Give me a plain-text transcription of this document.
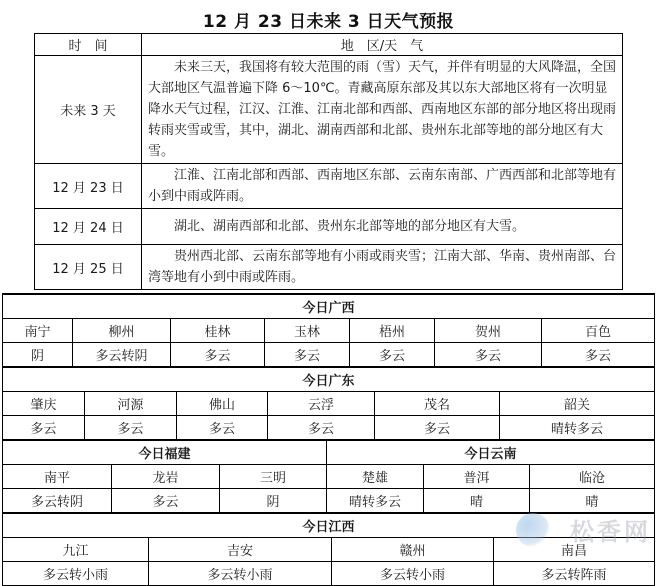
12 月 23 日未来 3 日天气预报
时　间	地　区/天　气
未来 3 天	未来三天，我国将有较大范围的雨（雪）天气，并伴有明显的大风降温，全国大部地区气温普遍下降 6～10℃。青藏高原东部及其以东大部地区将有一次明显降水天气过程，江汉、江淮、江南北部和西部、西南地区东部的部分地区将出现雨转雨夹雪或雪，其中，湖北、湖南西部和北部、贵州东北部等地的部分地区有大雪。
12 月 23 日	江淮、江南北部和西部、西南地区东部、云南东南部、广西西部和北部等地有小到中雨或阵雨。
12 月 24 日	湖北、湖南西部和北部、贵州东北部等地的部分地区有大雪。
12 月 25 日	贵州西北部、云南东部等地有小雨或雨夹雪；江南大部、华南、贵州南部、台湾等地有小到中雨或阵雨。
今日广西						
南宁	柳州	桂林	玉林	梧州	贺州	百色
阴	多云转阴	多云	多云	多云	多云	多云
今日广东					
肇庆	河源	佛山	云浮	茂名	韶关
多云	多云	多云	多云	多云	晴转多云
今日福建			今日云南		
南平	龙岩	三明	楚雄	普洱	临沧
多云转阴	多云	阴	晴转多云	晴	晴
今日江西			
九江	吉安	赣州	南昌
多云转小雨	多云转小雨	多云转小雨	多云转阵雨
松香网
